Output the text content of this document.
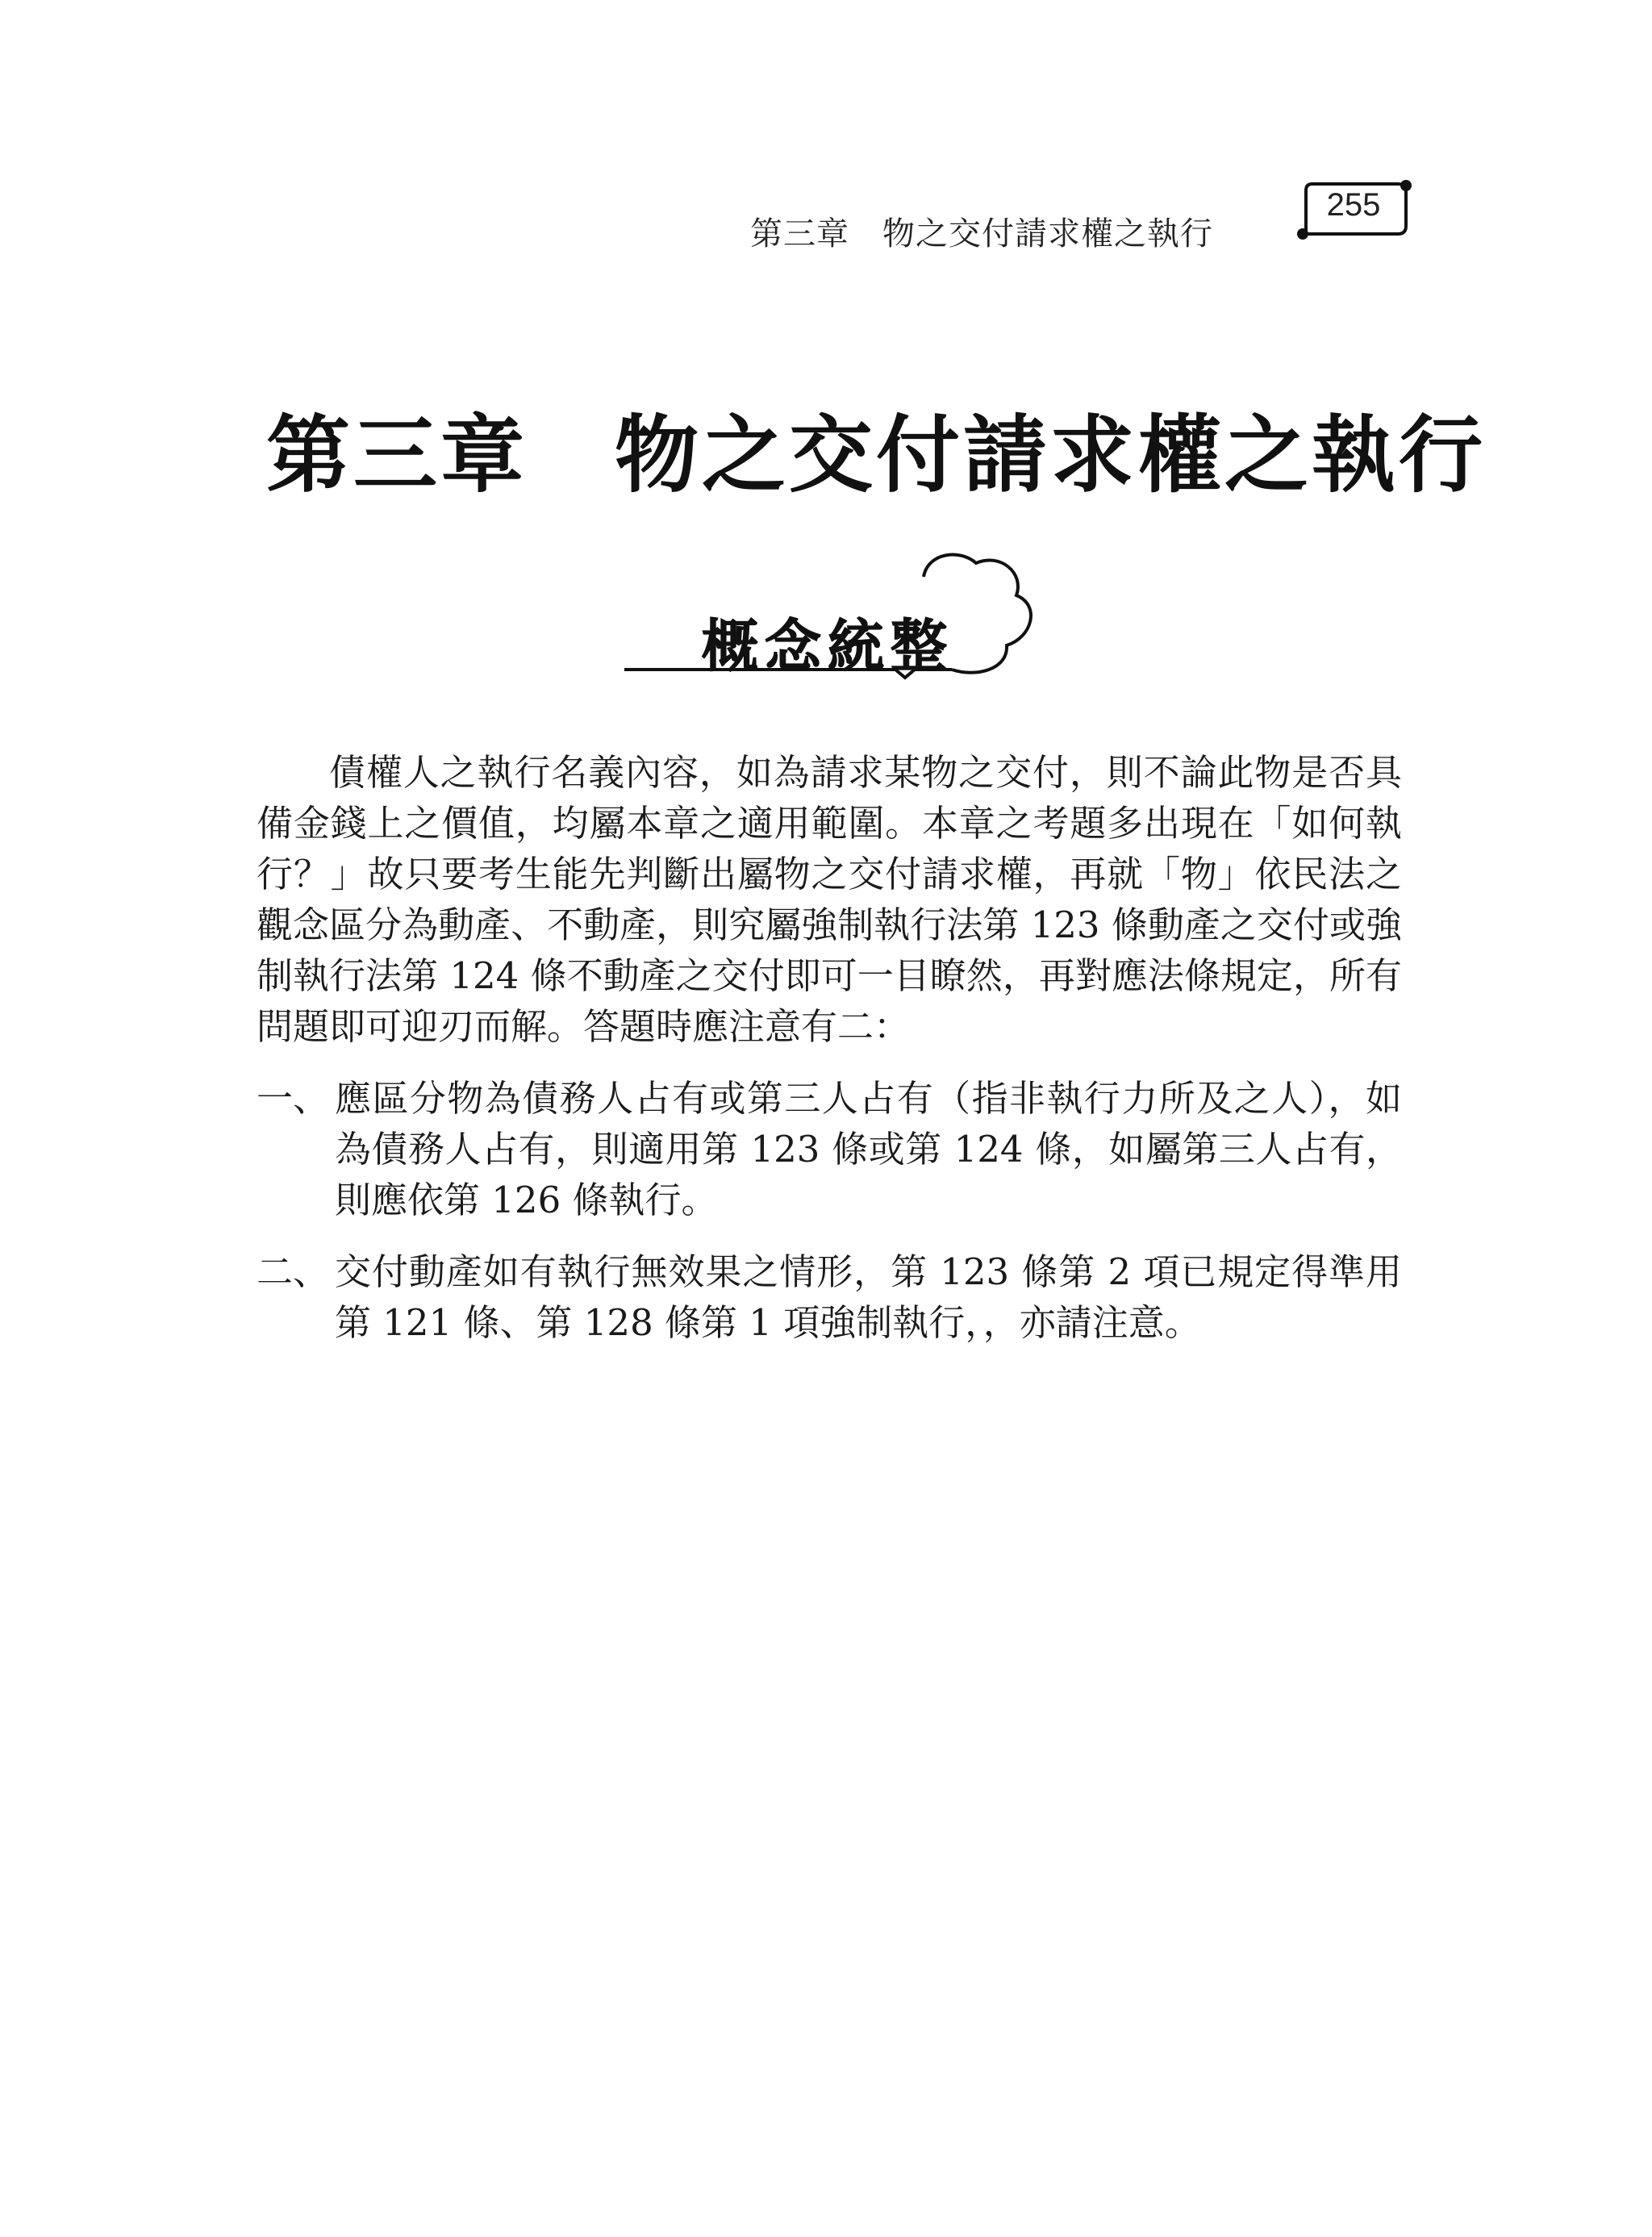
第三章　物之交付請求權之執行
255
第三章　物之交付請求權之執行
概念統整

債權人之執行名義內容，如為請求某物之交付，則不論此物是否具備金錢上之價值，均屬本章之適用範圍。本章之考題多出現在「如何執行？」故只要考生能先判斷出屬物之交付請求權，再就「物」依民法之觀念區分為動產、不動產，則究屬強制執行法第 123 條動產之交付或強制執行法第 124 條不動產之交付即可一目瞭然，再對應法條規定，所有問題即可迎刃而解。答題時應注意有二：

一、 應區分物為債務人占有或第三人占有（指非執行力所及之人），如為債務人占有，則適用第 123 條或第 124 條，如屬第三人占有，則應依第 126 條執行。
二、 交付動產如有執行無效果之情形，第 123 條第 2 項已規定得準用第 121 條、第 128 條第 1 項強制執行，，亦請注意。
